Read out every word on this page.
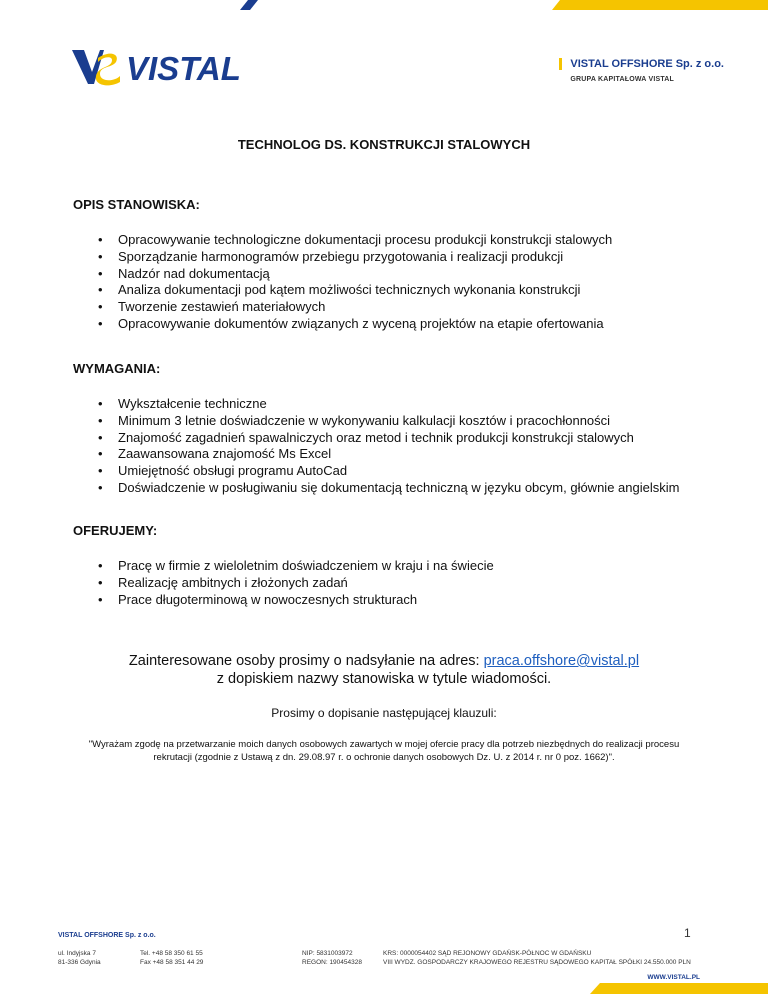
VISTAL	VISTAL OFFSHORE Sp. z o.o.
GRUPA KAPITAŁOWA VISTAL
TECHNOLOG DS. KONSTRUKCJI STALOWYCH
OPIS STANOWISKA:
• Opracowywanie technologiczne dokumentacji procesu produkcji konstrukcji stalowych
• Sporządzanie harmonogramów przebiegu przygotowania i realizacji produkcji
• Nadzór nad dokumentacją
• Analiza dokumentacji pod kątem możliwości technicznych wykonania konstrukcji
• Tworzenie zestawień materiałowych
• Opracowywanie dokumentów związanych z wyceną projektów na etapie ofertowania
WYMAGANIA:
• Wykształcenie techniczne
• Minimum 3 letnie doświadczenie w wykonywaniu kalkulacji kosztów i pracochłonności
• Znajomość zagadnień spawalniczych oraz metod i technik produkcji konstrukcji stalowych
• Zaawansowana znajomość Ms Excel
• Umiejętność obsługi programu AutoCad
• Doświadczenie w posługiwaniu się dokumentacją techniczną w języku obcym, głównie angielskim
OFERUJEMY:
• Pracę w firmie z wieloletnim doświadczeniem w kraju i na świecie
• Realizację ambitnych i złożonych zadań
• Prace długoterminową w nowoczesnych strukturach
Zainteresowane osoby prosimy o nadsyłanie na adres: praca.offshore@vistal.pl
z dopiskiem nazwy stanowiska w tytule wiadomości.
Prosimy o dopisanie następującej klauzuli:
"Wyrażam zgodę na przetwarzanie moich danych osobowych zawartych w mojej ofercie pracy dla potrzeb niezbędnych do realizacji procesu rekrutacji (zgodnie z Ustawą z dn. 29.08.97 r. o ochronie danych osobowych Dz. U. z 2014 r. nr 0 poz. 1662)".
1
VISTAL OFFSHORE Sp. z o.o.
ul. Indyjska 7
81-336 Gdynia
Tel. +48 58 350 61 55
Fax +48 58 351 44 29
NIP: 5831003972
REGON: 190454328
KRS: 0000054402 SĄD REJONOWY GDAŃSK-PÓŁNOC W GDAŃSKU
VIII WYDZ. GOSPODARCZY KRAJOWEGO REJESTRU SĄDOWEGO KAPITAŁ SPÓŁKI 24.550.000 PLN
WWW.VISTAL.PL
